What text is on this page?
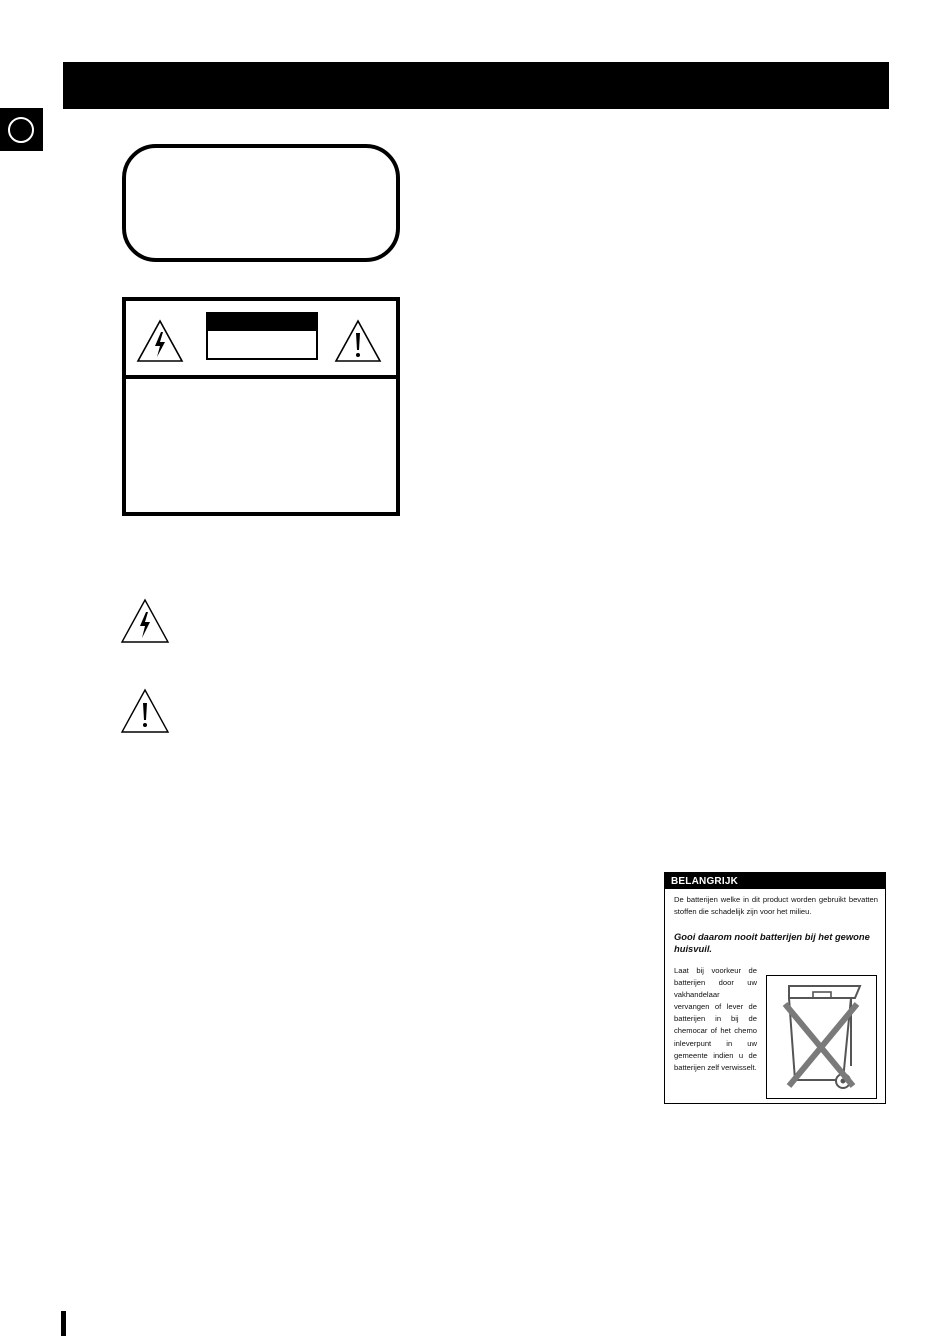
BELANGRIJK
De batterijen welke in dit product worden gebruikt bevatten stoffen die schadelijk zijn voor het milieu.
Gooi daarom nooit batterijen bij het gewone huisvuil.
Laat bij voorkeur de batterijen door uw vakhandelaar vervangen of lever de batterijen in bij de chemocar of het chemo inleverpunt in uw gemeente indien u de batterijen zelf verwisselt.
